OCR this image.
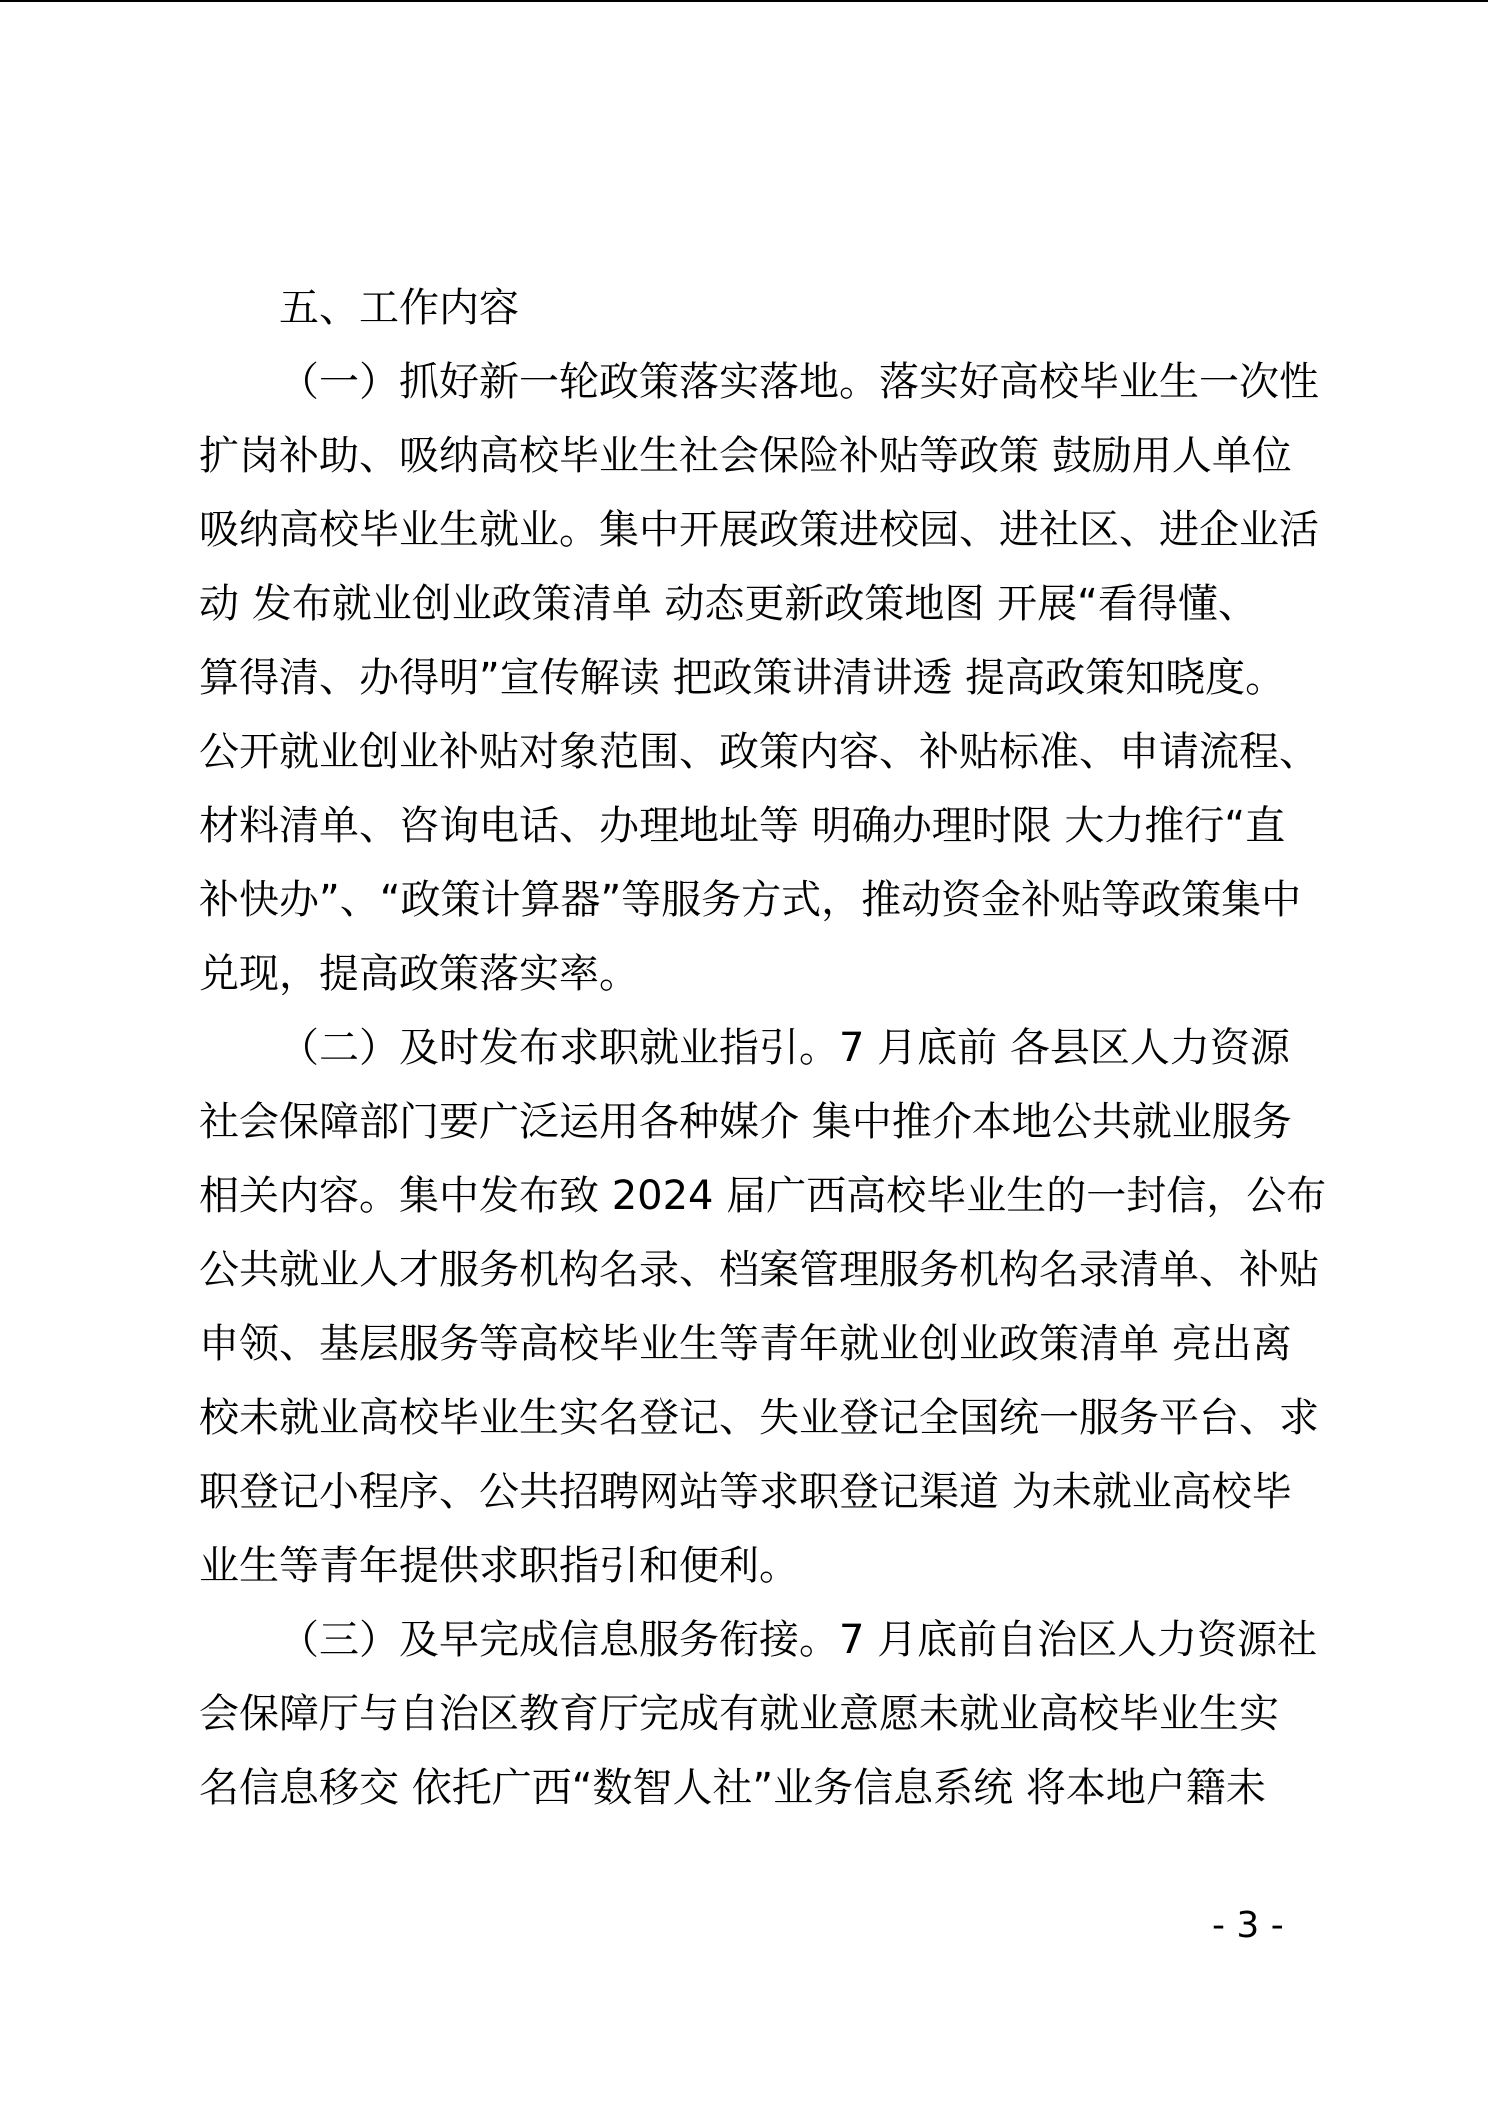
五、工作内容
（一）抓好新一轮政策落实落地。落实好高校毕业生一次性
扩岗补助、吸纳高校毕业生社会保险补贴等政策 鼓励用人单位
吸纳高校毕业生就业。集中开展政策进校园、进社区、进企业活
动 发布就业创业政策清单 动态更新政策地图 开展“看得懂、
算得清、办得明”宣传解读 把政策讲清讲透 提高政策知晓度。
公开就业创业补贴对象范围、政策内容、补贴标准、申请流程、
材料清单、咨询电话、办理地址等 明确办理时限 大力推行“直
补快办”、“政策计算器”等服务方式，推动资金补贴等政策集中
兑现，提高政策落实率。
（二）及时发布求职就业指引。7 月底前 各县区人力资源
社会保障部门要广泛运用各种媒介 集中推介本地公共就业服务
相关内容。集中发布致 2024 届广西高校毕业生的一封信，公布
公共就业人才服务机构名录、档案管理服务机构名录清单、补贴
申领、基层服务等高校毕业生等青年就业创业政策清单 亮出离
校未就业高校毕业生实名登记、失业登记全国统一服务平台、求
职登记小程序、公共招聘网站等求职登记渠道 为未就业高校毕
业生等青年提供求职指引和便利。
（三）及早完成信息服务衔接。7 月底前自治区人力资源社
会保障厅与自治区教育厅完成有就业意愿未就业高校毕业生实
名信息移交 依托广西“数智人社”业务信息系统 将本地户籍未
- 3 -
